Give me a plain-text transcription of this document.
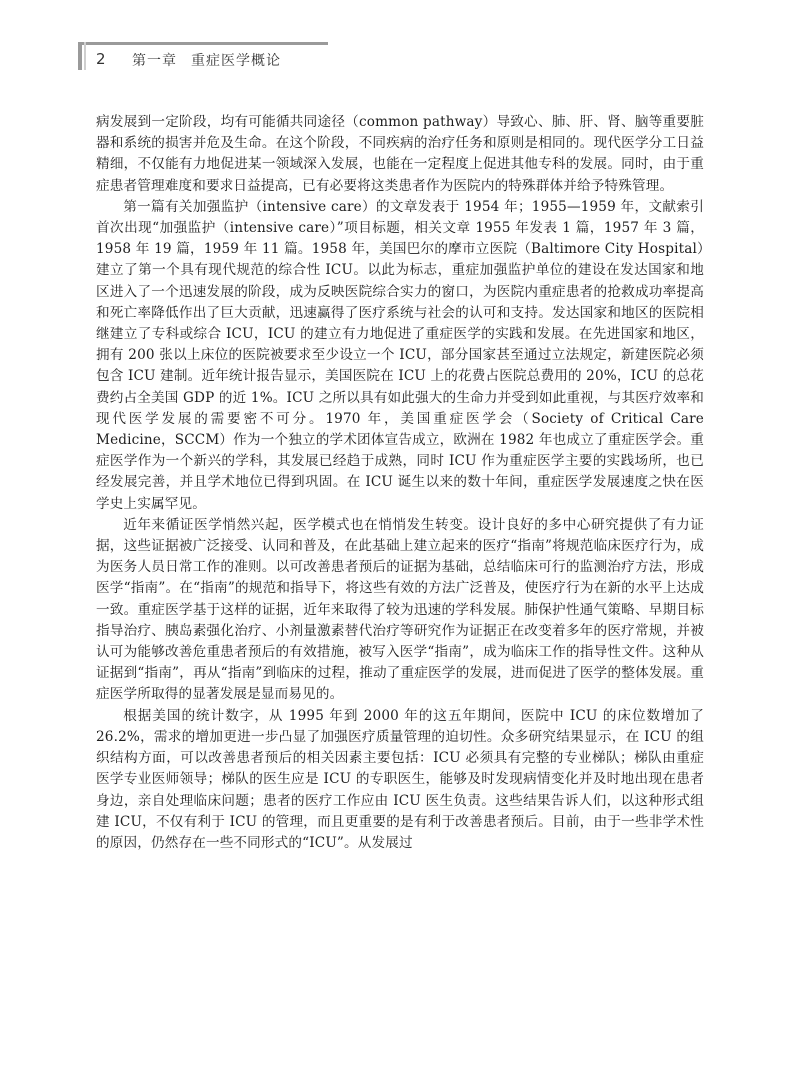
2 第一章 重症医学概论

病发展到一定阶段，均有可能循共同途径（common pathway）导致心、肺、肝、肾、脑等重要脏器和系统的损害并危及生命。在这个阶段，不同疾病的治疗任务和原则是相同的。现代医学分工日益精细，不仅能有力地促进某一领域深入发展，也能在一定程度上促进其他专科的发展。同时，由于重症患者管理难度和要求日益提高，已有必要将这类患者作为医院内的特殊群体并给予特殊管理。

第一篇有关加强监护（intensive care）的文章发表于 1954 年；1955—1959 年，文献索引首次出现“加强监护（intensive care）”项目标题，相关文章 1955 年发表 1 篇，1957 年 3 篇，1958 年 19 篇，1959 年 11 篇。1958 年，美国巴尔的摩市立医院（Baltimore City Hospital）建立了第一个具有现代规范的综合性 ICU。以此为标志，重症加强监护单位的建设在发达国家和地区进入了一个迅速发展的阶段，成为反映医院综合实力的窗口，为医院内重症患者的抢救成功率提高和死亡率降低作出了巨大贡献，迅速赢得了医疗系统与社会的认可和支持。发达国家和地区的医院相继建立了专科或综合 ICU，ICU 的建立有力地促进了重症医学的实践和发展。在先进国家和地区，拥有 200 张以上床位的医院被要求至少设立一个 ICU，部分国家甚至通过立法规定，新建医院必须包含 ICU 建制。近年统计报告显示，美国医院在 ICU 上的花费占医院总费用的 20%，ICU 的总花费约占全美国 GDP 的近 1%。ICU 之所以具有如此强大的生命力并受到如此重视，与其医疗效率和现代医学发展的需要密不可分。1970 年，美国重症医学会（Society of Critical Care Medicine，SCCM）作为一个独立的学术团体宣告成立，欧洲在 1982 年也成立了重症医学会。重症医学作为一个新兴的学科，其发展已经趋于成熟，同时 ICU 作为重症医学主要的实践场所，也已经发展完善，并且学术地位已得到巩固。在 ICU 诞生以来的数十年间，重症医学发展速度之快在医学史上实属罕见。

近年来循证医学悄然兴起，医学模式也在悄悄发生转变。设计良好的多中心研究提供了有力证据，这些证据被广泛接受、认同和普及，在此基础上建立起来的医疗“指南”将规范临床医疗行为，成为医务人员日常工作的准则。以可改善患者预后的证据为基础，总结临床可行的监测治疗方法，形成医学“指南”。在“指南”的规范和指导下，将这些有效的方法广泛普及，使医疗行为在新的水平上达成一致。重症医学基于这样的证据，近年来取得了较为迅速的学科发展。肺保护性通气策略、早期目标指导治疗、胰岛素强化治疗、小剂量激素替代治疗等研究作为证据正在改变着多年的医疗常规，并被认可为能够改善危重患者预后的有效措施，被写入医学“指南”，成为临床工作的指导性文件。这种从证据到“指南”，再从“指南”到临床的过程，推动了重症医学的发展，进而促进了医学的整体发展。重症医学所取得的显著发展是显而易见的。

根据美国的统计数字，从 1995 年到 2000 年的这五年期间，医院中 ICU 的床位数增加了 26.2%，需求的增加更进一步凸显了加强医疗质量管理的迫切性。众多研究结果显示，在 ICU 的组织结构方面，可以改善患者预后的相关因素主要包括：ICU 必须具有完整的专业梯队；梯队由重症医学专业医师领导；梯队的医生应是 ICU 的专职医生，能够及时发现病情变化并及时地出现在患者身边，亲自处理临床问题；患者的医疗工作应由 ICU 医生负责。这些结果告诉人们，以这种形式组建 ICU，不仅有利于 ICU 的管理，而且更重要的是有利于改善患者预后。目前，由于一些非学术性的原因，仍然存在一些不同形式的“ICU”。从发展过
